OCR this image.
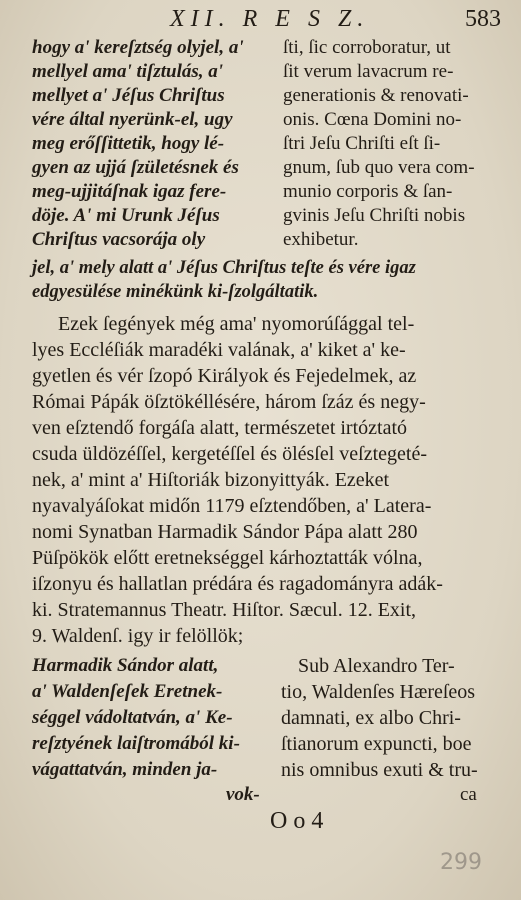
XII. R E S Z.	583
hogy a' kereſztség olyjel, a'
mellyel ama' tiſztulás, a'
mellyet a' Jéſus Chriſtus
vére által nyerünk-el, ugy
meg erőſſittetik, hogy lé-
gyen az ujjá ſzületésnek és
meg-ujjitáſnak igaz fere-
döje. A' mi Urunk Jéſus
Chriſtus vacsorája oly
ſti, ſic corroboratur, ut
ſit verum lavacrum re-
generationis & renovati-
onis. Cœna Domini no-
ſtri Jeſu Chriſti eſt ſi-
gnum, ſub quo vera com-
munio corporis & ſan-
gvinis Jeſu Chriſti nobis
exhibetur.
jel, a' mely alatt a' Jéſus Chriſtus teſte és vére igaz
edgyesülése minékünk ki-ſzolgáltatik.
Ezek ſegények még ama' nyomorúſággal tel-
lyes Eccléſiák maradéki valának, a' kiket a' ke-
gyetlen és vér ſzopó Királyok és Fejedelmek, az
Római Pápák öſztökéllésére, három ſzáz és negy-
ven eſztendő forgáſa alatt, természetet irtóztató
csuda üldözéſſel, kergetéſſel és ölésſel veſztegeté-
nek, a' mint a' Hiſtoriák bizonyittyák. Ezeket
nyavalyáſokat midőn 1179 eſztendőben, a' Latera-
nomi Synatban Harmadik Sándor Pápa alatt 280
Püſpökök előtt eretnekséggel kárhoztatták vólna,
iſzonyu és hallatlan prédára és ragadományra adák-
ki. Stratemannus Theatr. Hiſtor. Sæcul. 12. Exit,
9. Waldenſ. igy ir felöllök;
Harmadik Sándor alatt,
a' Waldenſeſek Eretnek-
séggel vádoltatván, a' Ke-
reſztyének laiſtromából ki-
vágattatván, minden ja-
Sub Alexandro Ter-
tio, Waldenſes Hæreſeos
damnati, ex albo Chri-
ſtianorum expuncti, boe
nis omnibus exuti & tru-
vok-	ca
O o 4
299
